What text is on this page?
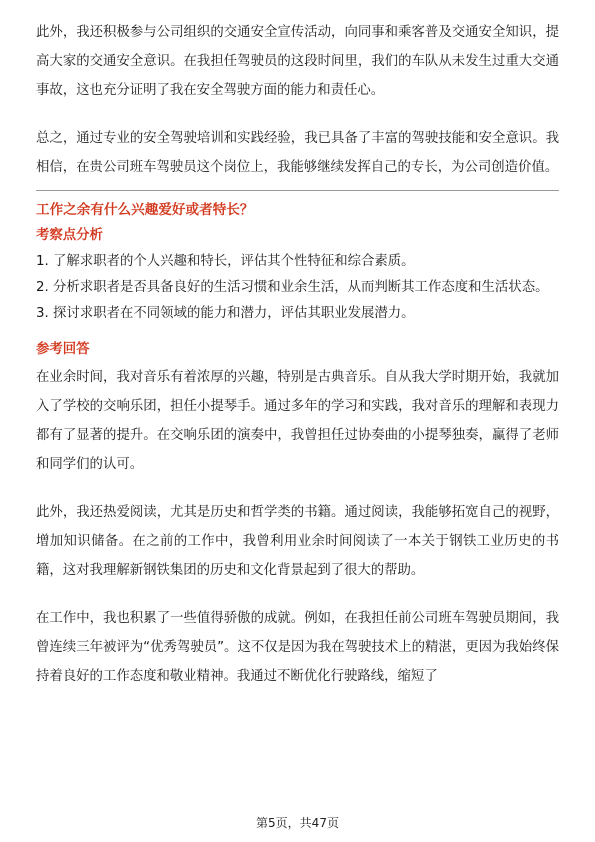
此外，我还积极参与公司组织的交通安全宣传活动，向同事和乘客普及交通安全知识，提高大家的交通安全意识。在我担任驾驶员的这段时间里，我们的车队从未发生过重大交通事故，这也充分证明了我在安全驾驶方面的能力和责任心。

总之，通过专业的安全驾驶培训和实践经验，我已具备了丰富的驾驶技能和安全意识。我相信，在贵公司班车驾驶员这个岗位上，我能够继续发挥自己的专长，为公司创造价值。

工作之余有什么兴趣爱好或者特长？

考察点分析

1. 了解求职者的个人兴趣和特长，评估其个性特征和综合素质。

2. 分析求职者是否具备良好的生活习惯和业余生活，从而判断其工作态度和生活状态。

3. 探讨求职者在不同领域的能力和潜力，评估其职业发展潜力。

参考回答

在业余时间，我对音乐有着浓厚的兴趣，特别是古典音乐。自从我大学时期开始，我就加入了学校的交响乐团，担任小提琴手。通过多年的学习和实践，我对音乐的理解和表现力都有了显著的提升。在交响乐团的演奏中，我曾担任过协奏曲的小提琴独奏，赢得了老师和同学们的认可。

此外，我还热爱阅读，尤其是历史和哲学类的书籍。通过阅读，我能够拓宽自己的视野，增加知识储备。在之前的工作中，我曾利用业余时间阅读了一本关于钢铁工业历史的书籍，这对我理解新钢铁集团的历史和文化背景起到了很大的帮助。

在工作中，我也积累了一些值得骄傲的成就。例如，在我担任前公司班车驾驶员期间，我曾连续三年被评为“优秀驾驶员”。这不仅是因为我在驾驶技术上的精湛，更因为我始终保持着良好的工作态度和敬业精神。我通过不断优化行驶路线，缩短了

第5页，共47页
